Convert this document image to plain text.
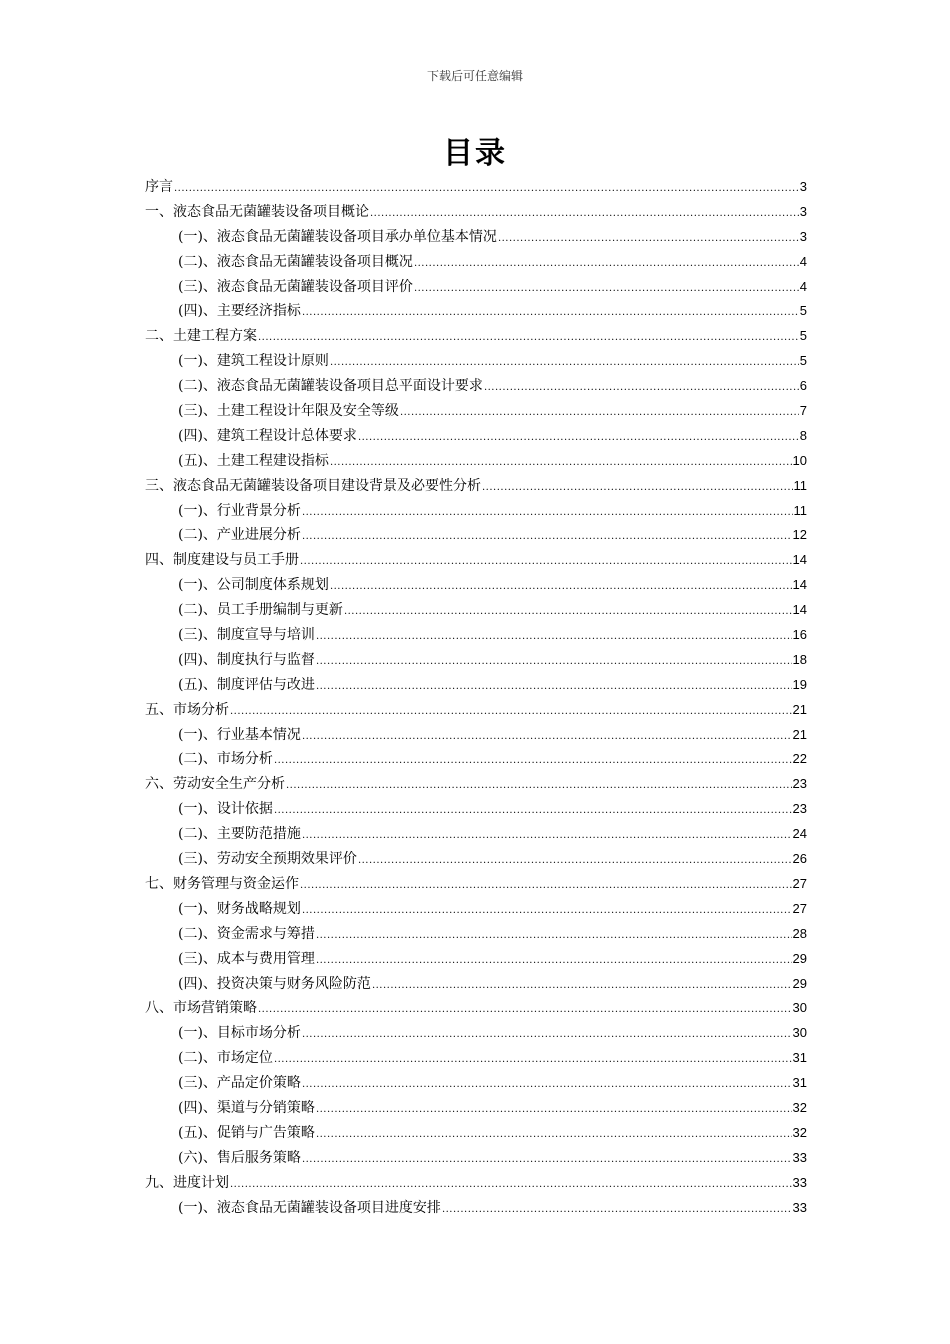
下载后可任意编辑
目录
序言 .....	3
一、液态食品无菌罐装设备项目概论 .....	3
(一)、液态食品无菌罐装设备项目承办单位基本情况 .....	3
(二)、液态食品无菌罐装设备项目概况 .....	4
(三)、液态食品无菌罐装设备项目评价 .....	4
(四)、主要经济指标 .....	5
二、土建工程方案 .....	5
(一)、建筑工程设计原则 .....	5
(二)、液态食品无菌罐装设备项目总平面设计要求 .....	6
(三)、土建工程设计年限及安全等级 .....	7
(四)、建筑工程设计总体要求 .....	8
(五)、土建工程建设指标 .....	10
三、液态食品无菌罐装设备项目建设背景及必要性分析 .....	11
(一)、行业背景分析 .....	11
(二)、产业进展分析 .....	12
四、制度建设与员工手册 .....	14
(一)、公司制度体系规划 .....	14
(二)、员工手册编制与更新 .....	14
(三)、制度宣导与培训 .....	16
(四)、制度执行与监督 .....	18
(五)、制度评估与改进 .....	19
五、市场分析 .....	21
(一)、行业基本情况 .....	21
(二)、市场分析 .....	22
六、劳动安全生产分析 .....	23
(一)、设计依据 .....	23
(二)、主要防范措施 .....	24
(三)、劳动安全预期效果评价 .....	26
七、财务管理与资金运作 .....	27
(一)、财务战略规划 .....	27
(二)、资金需求与筹措 .....	28
(三)、成本与费用管理 .....	29
(四)、投资决策与财务风险防范 .....	29
八、市场营销策略 .....	30
(一)、目标市场分析 .....	30
(二)、市场定位 .....	31
(三)、产品定价策略 .....	31
(四)、渠道与分销策略 .....	32
(五)、促销与广告策略 .....	32
(六)、售后服务策略 .....	33
九、进度计划 .....	33
(一)、液态食品无菌罐装设备项目进度安排 .....	33
